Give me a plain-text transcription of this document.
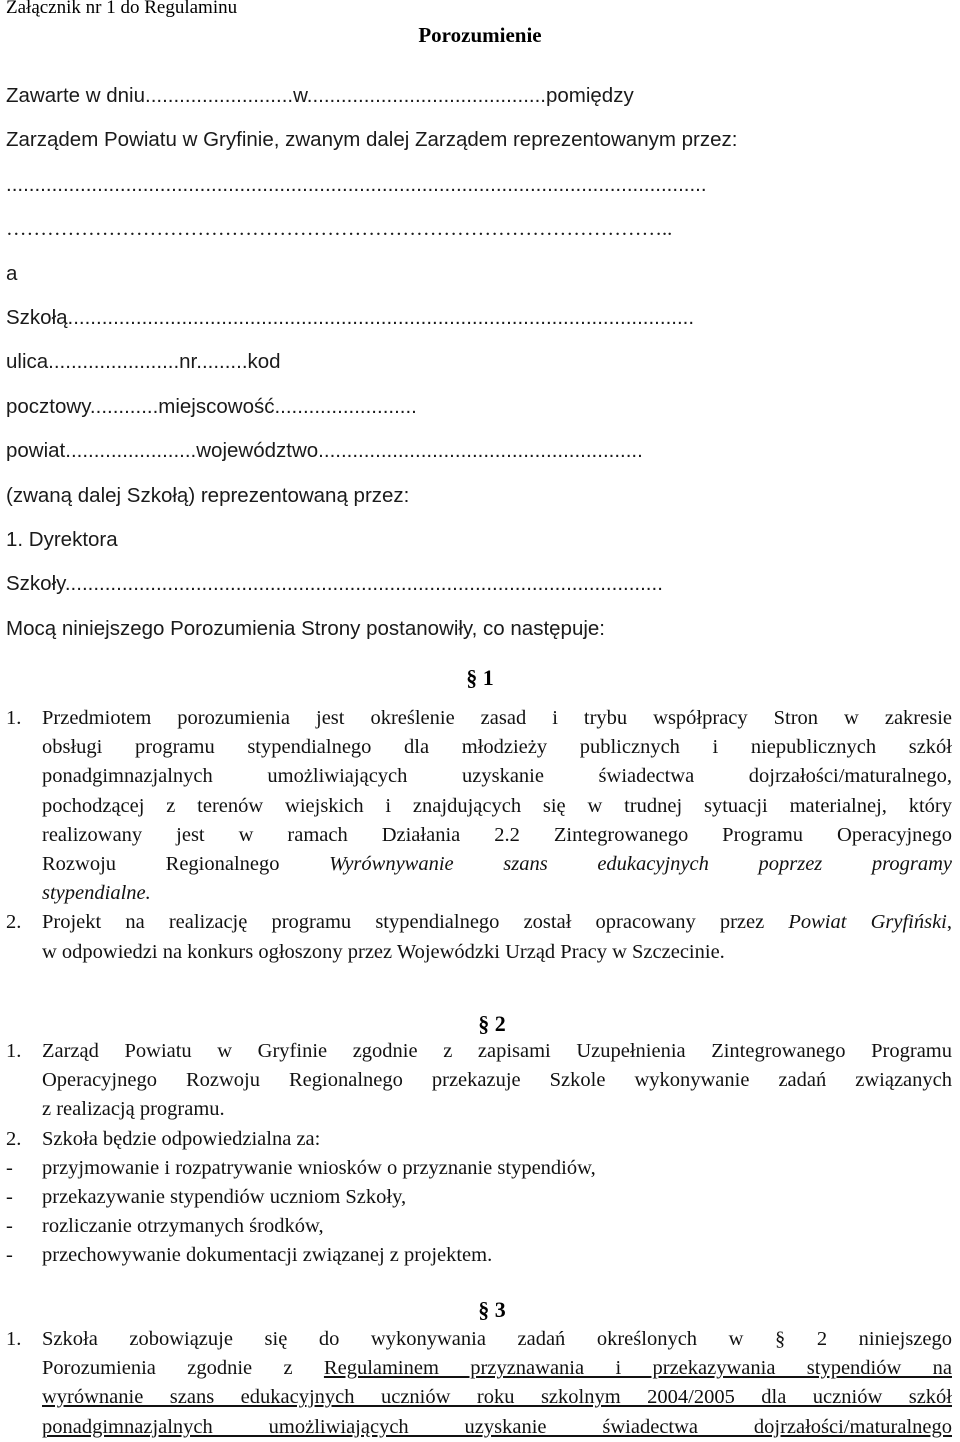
Załącznik nr 1 do Regulaminu
Porozumienie
Zawarte w dniu..........................w..........................................pomiędzy
Zarządem Powiatu w Gryfinie, zwanym dalej Zarządem reprezentowanym przez:
...........................................................................................................................
……………………………………………………………………………………..
a
Szkołą..............................................................................................................
ulica.......................nr.........kod
pocztowy............miejscowość.........................
powiat.......................województwo.........................................................
(zwaną dalej Szkołą) reprezentowaną przez:
1. Dyrektora
Szkoły.........................................................................................................
Mocą niniejszego Porozumienia Strony postanowiły, co następuje:
§ 1
1.	Przedmiotem porozumienia jest określenie zasad i trybu współpracy Stron w zakresie
obsługi programu stypendialnego dla młodzieży publicznych i niepublicznych szkół
ponadgimnazjalnych umożliwiających uzyskanie świadectwa dojrzałości/maturalnego,
pochodzącej z terenów wiejskich i znajdujących się w trudnej sytuacji materialnej, który
realizowany jest w ramach Działania 2.2 Zintegrowanego Programu Operacyjnego
Rozwoju Regionalnego Wyrównywanie szans edukacyjnych poprzez programy
stypendialne.
2.	Projekt na realizację programu stypendialnego został opracowany przez Powiat Gryfiński,
w odpowiedzi na konkurs ogłoszony przez Wojewódzki Urząd Pracy w Szczecinie.
§ 2
1.	Zarząd Powiatu w Gryfinie zgodnie z zapisami Uzupełnienia Zintegrowanego Programu
Operacyjnego Rozwoju Regionalnego przekazuje Szkole wykonywanie zadań związanych
z realizacją programu.
2.	Szkoła będzie odpowiedzialna za:
-	przyjmowanie i rozpatrywanie wniosków o przyznanie stypendiów,
-	przekazywanie stypendiów uczniom Szkoły,
-	rozliczanie otrzymanych środków,
-	przechowywanie dokumentacji związanej z projektem.
§ 3
1.	Szkoła zobowiązuje się do wykonywania zadań określonych w § 2 niniejszego
Porozumienia zgodnie z Regulaminem przyznawania i przekazywania stypendiów na
wyrównanie szans edukacyjnych uczniów roku szkolnym 2004/2005 dla uczniów szkół
ponadgimnazjalnych umożliwiających uzyskanie świadectwa dojrzałości/maturalnego
